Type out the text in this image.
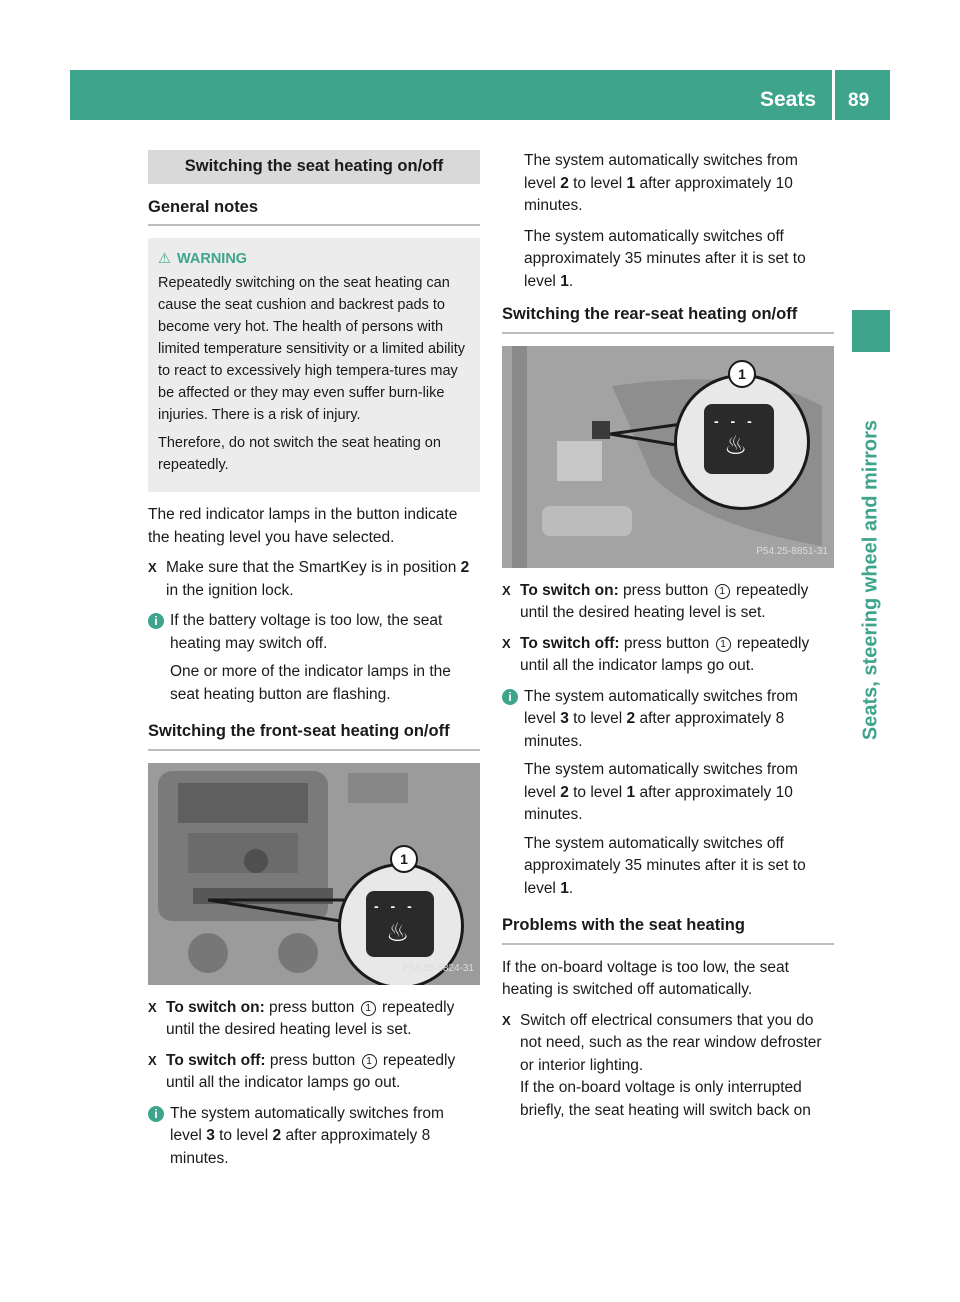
Seats 89
Seats, steering wheel and mirrors
Switching the seat heating on/off
General notes
⚠ WARNING

Repeatedly switching on the seat heating can cause the seat cushion and backrest pads to become very hot. The health of persons with limited temperature sensitivity or a limited ability to react to excessively high tempera-tures may be affected or they may even suffer burn-like injuries. There is a risk of injury.

Therefore, do not switch the seat heating on repeatedly.

The red indicator lamps in the button indicate the heating level you have selected.

X Make sure that the SmartKey is in position 2 in the ignition lock.
i If the battery voltage is too low, the seat heating may switch off.
One or more of the indicator lamps in the seat heating button are flashing.
Switching the front-seat heating on/off
- - -
♨
1
P54.25-8824-31
X To switch on: press button 1 repeatedly until the desired heating level is set.
X To switch off: press button 1 repeatedly until all the indicator lamps go out.
i The system automatically switches from level 3 to level 2 after approximately 8 minutes.

The system automatically switches from level 2 to level 1 after approximately 10 minutes.

The system automatically switches off approximately 35 minutes after it is set to level 1.

Switching the rear-seat heating on/off
- - -
♨
1
P54.25-8851-31
X To switch on: press button 1 repeatedly until the desired heating level is set.
X To switch off: press button 1 repeatedly until all the indicator lamps go out.
i The system automatically switches from level 3 to level 2 after approximately 8 minutes.
The system automatically switches from level 2 to level 1 after approximately 10 minutes.
The system automatically switches off approximately 35 minutes after it is set to level 1.
Problems with the seat heating

If the on-board voltage is too low, the seat heating is switched off automatically.

X Switch off electrical consumers that you do not need, such as the rear window defroster or interior lighting.
If the on-board voltage is only interrupted briefly, the seat heating will switch back on
